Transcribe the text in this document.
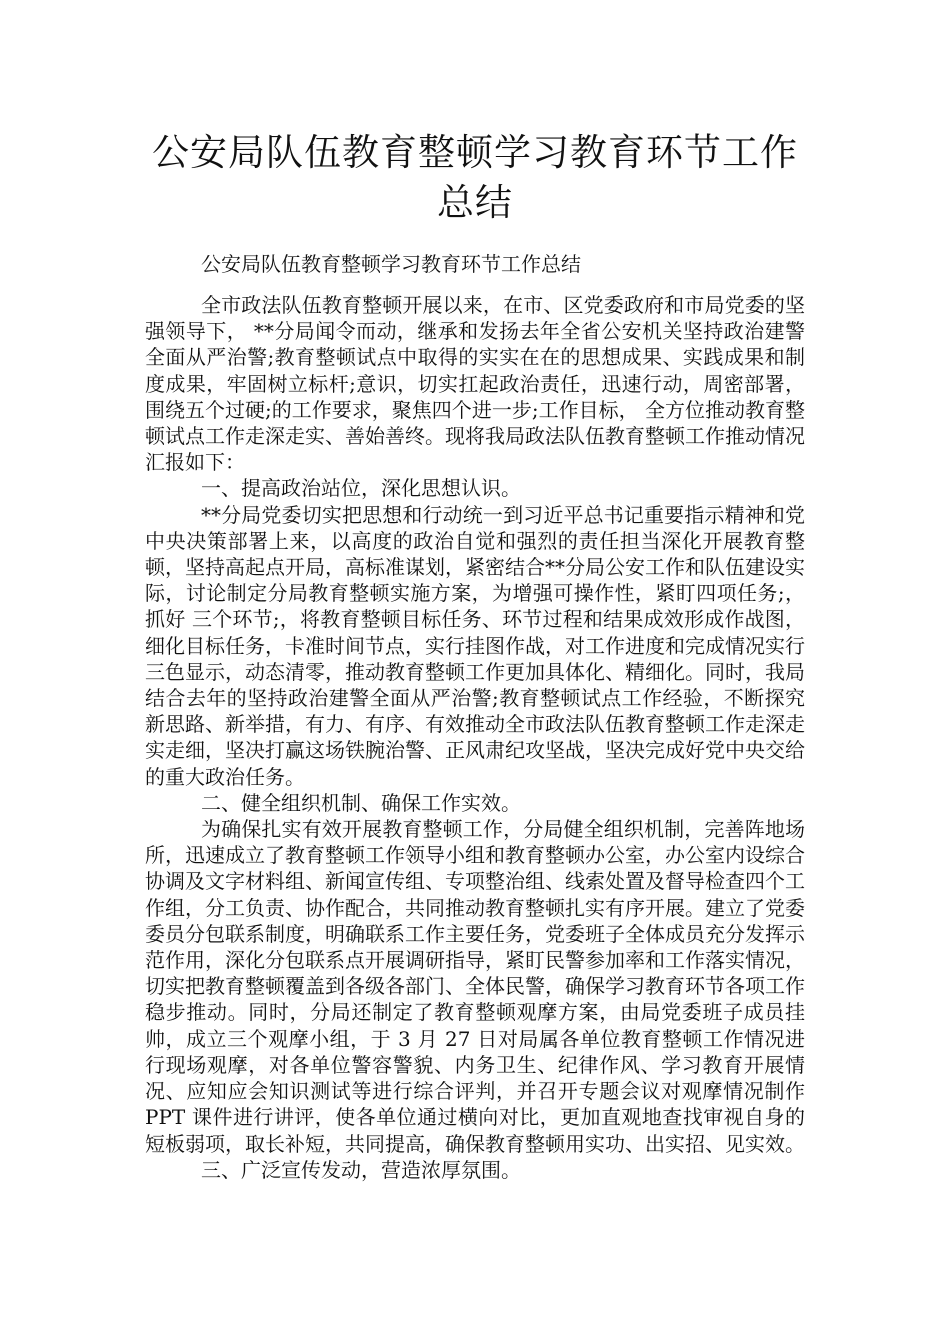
公安局队伍教育整顿学习教育环节工作总结

公安局队伍教育整顿学习教育环节工作总结

全市政法队伍教育整顿开展以来，在市、区党委政府和市局党委的坚强领导下， **分局闻令而动，继承和发扬去年全省公安机关坚持政治建警全面从严治警;教育整顿试点中取得的实实在在的思想成果、实践成果和制度成果，牢固树立标杆;意识，切实扛起政治责任，迅速行动，周密部署，围绕五个过硬;的工作要求，聚焦四个进一步;工作目标， 全方位推动教育整顿试点工作走深走实、善始善终。现将我局政法队伍教育整顿工作推动情况汇报如下：

一、提高政治站位，深化思想认识。

**分局党委切实把思想和行动统一到习近平总书记重要指示精神和党中央决策部署上来，以高度的政治自觉和强烈的责任担当深化开展教育整顿，坚持高起点开局，高标准谋划，紧密结合**分局公安工作和队伍建设实际，讨论制定分局教育整顿实施方案，为增强可操作性，紧盯四项任务;，抓好 三个环节;，将教育整顿目标任务、环节过程和结果成效形成作战图，细化目标任务，卡准时间节点，实行挂图作战，对工作进度和完成情况实行三色显示，动态清零，推动教育整顿工作更加具体化、精细化。同时，我局结合去年的坚持政治建警全面从严治警;教育整顿试点工作经验，不断探究新思路、新举措，有力、有序、有效推动全市政法队伍教育整顿工作走深走实走细，坚决打赢这场铁腕治警、正风肃纪攻坚战，坚决完成好党中央交给的重大政治任务。

二、健全组织机制、确保工作实效。

为确保扎实有效开展教育整顿工作，分局健全组织机制，完善阵地场所，迅速成立了教育整顿工作领导小组和教育整顿办公室，办公室内设综合协调及文字材料组、新闻宣传组、专项整治组、线索处置及督导检查四个工作组，分工负责、协作配合，共同推动教育整顿扎实有序开展。建立了党委委员分包联系制度，明确联系工作主要任务，党委班子全体成员充分发挥示范作用，深化分包联系点开展调研指导，紧盯民警参加率和工作落实情况，切实把教育整顿覆盖到各级各部门、全体民警，确保学习教育环节各项工作稳步推动。同时，分局还制定了教育整顿观摩方案，由局党委班子成员挂帅，成立三个观摩小组，于 3 月 27 日对局属各单位教育整顿工作情况进行现场观摩，对各单位警容警貌、内务卫生、纪律作风、学习教育开展情况、应知应会知识测试等进行综合评判，并召开专题会议对观摩情况制作 PPT 课件进行讲评，使各单位通过横向对比，更加直观地查找审视自身的短板弱项，取长补短，共同提高，确保教育整顿用实功、出实招、见实效。

三、广泛宣传发动，营造浓厚氛围。
